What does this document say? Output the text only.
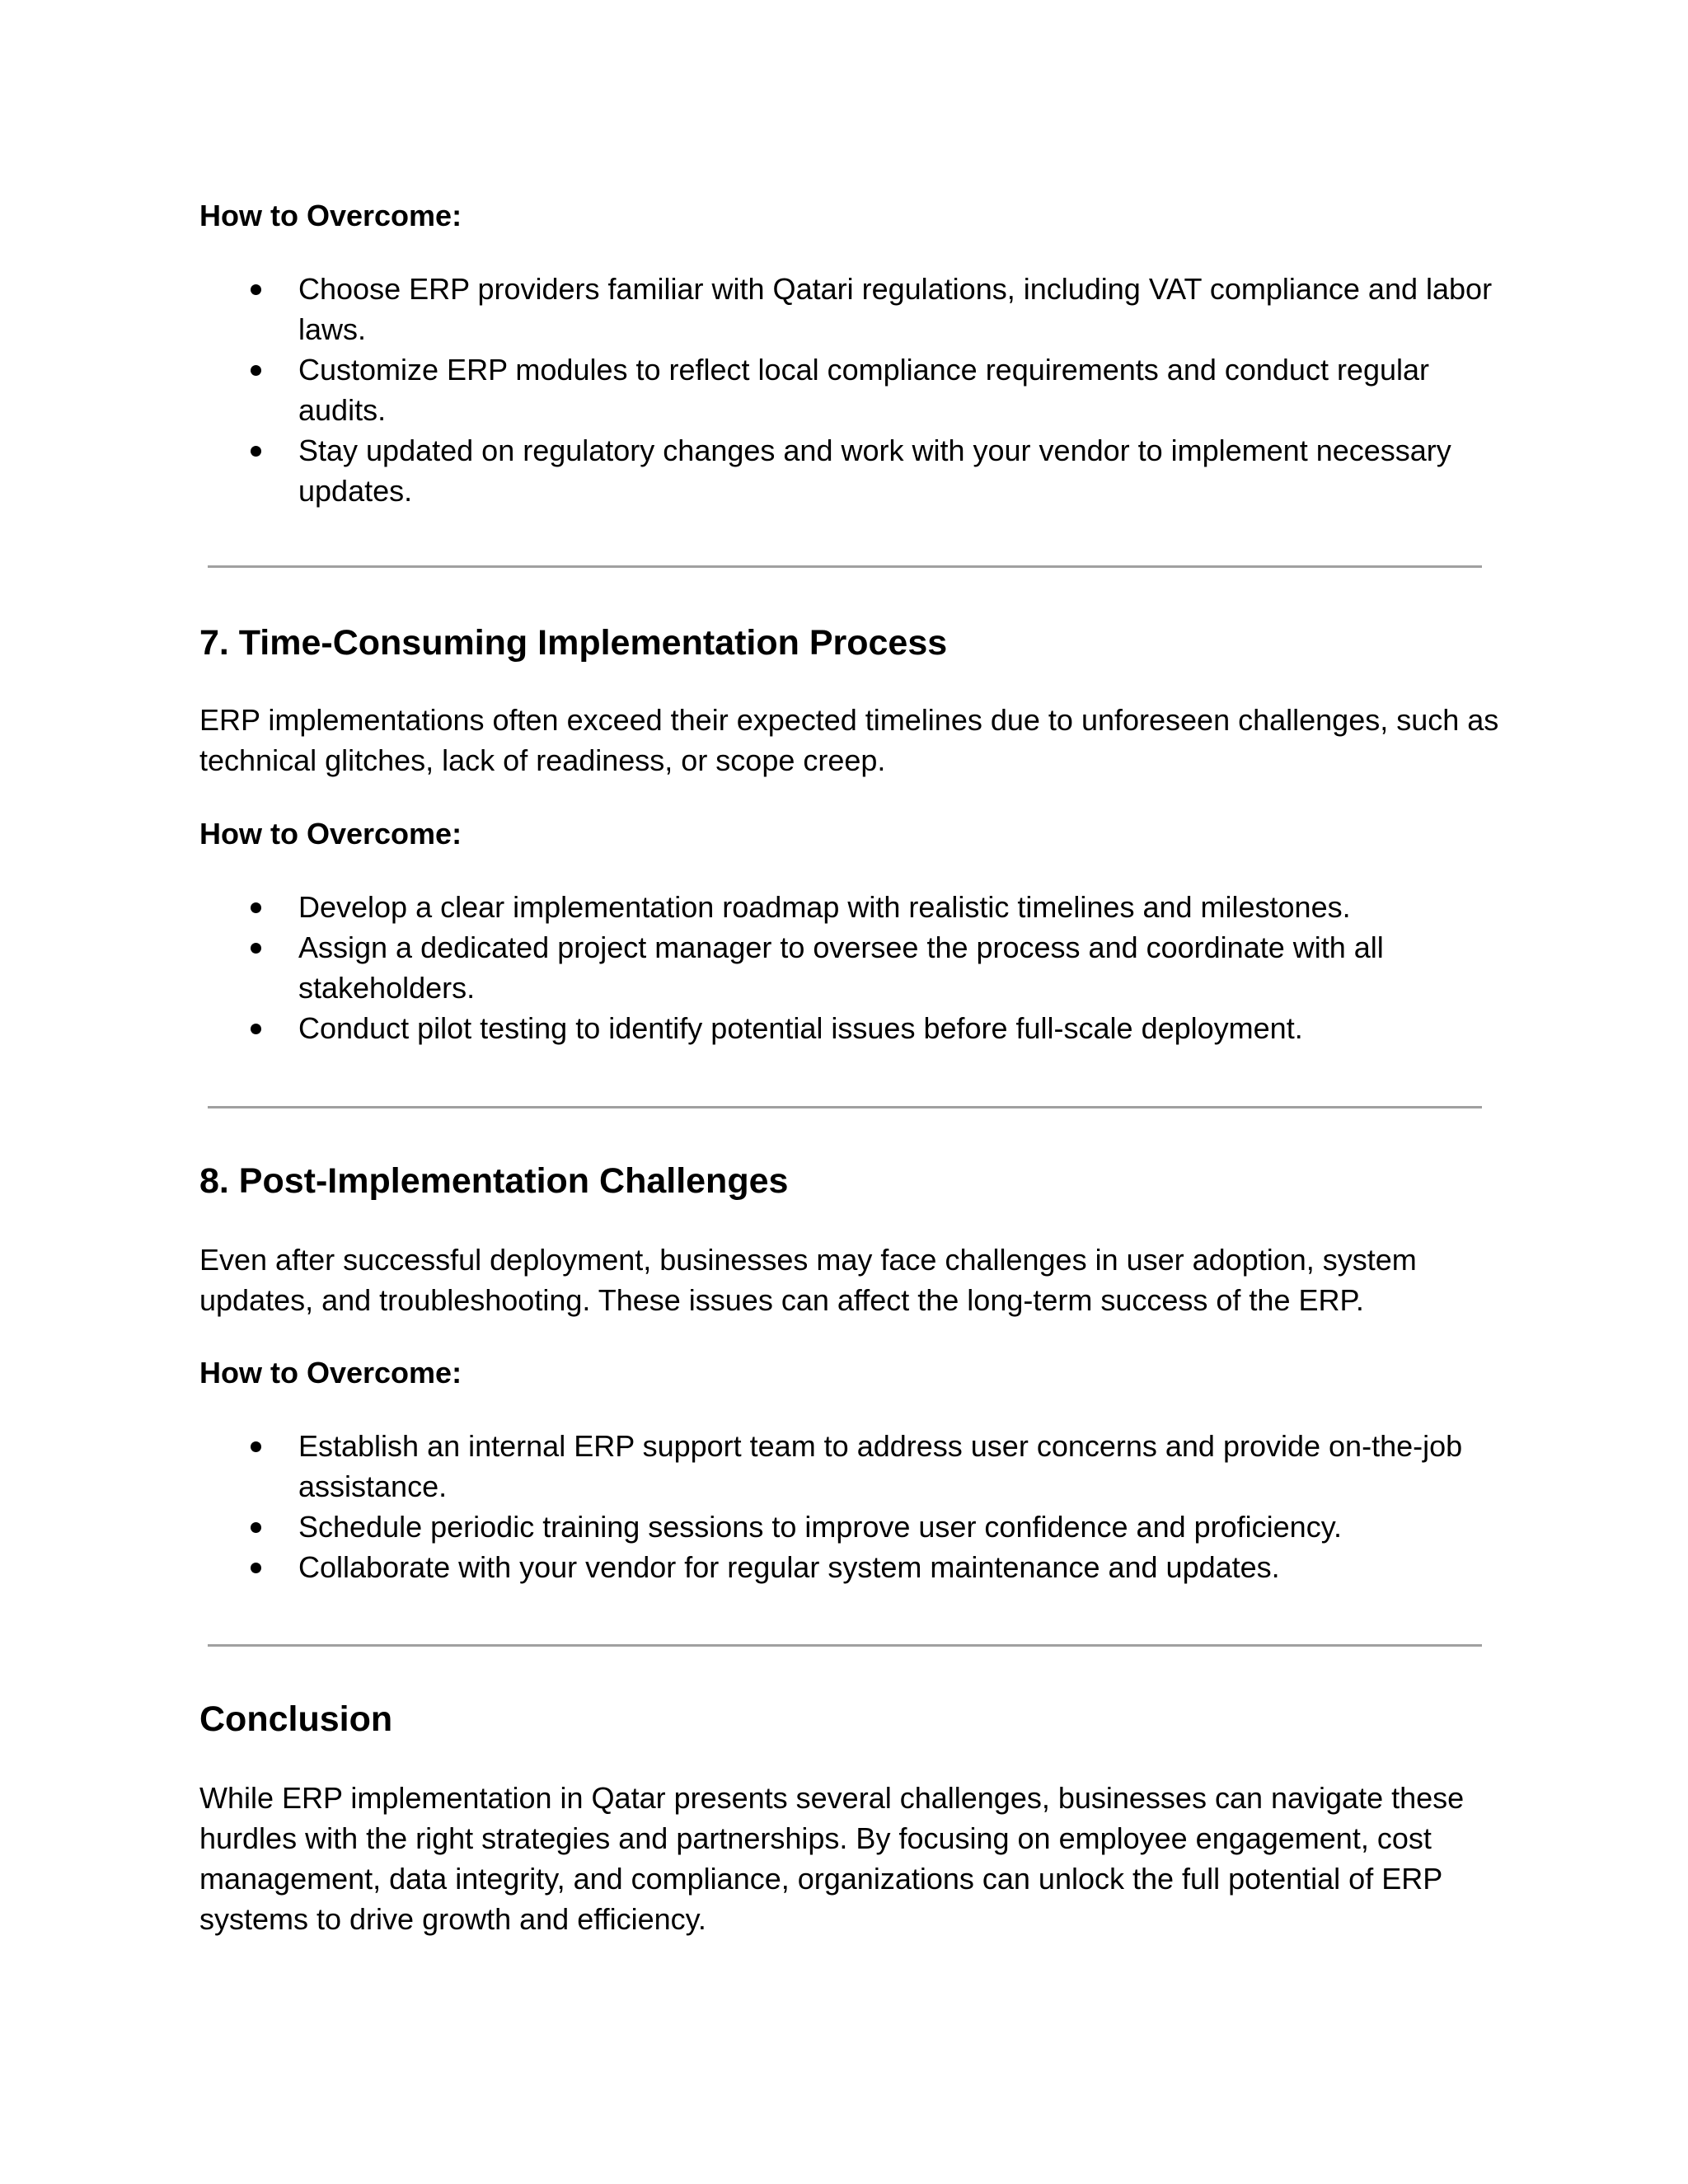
How to Overcome:

Choose ERP providers familiar with Qatari regulations, including VAT compliance and labor laws.
Customize ERP modules to reflect local compliance requirements and conduct regular audits.
Stay updated on regulatory changes and work with your vendor to implement necessary updates.
7. Time-Consuming Implementation Process

ERP implementations often exceed their expected timelines due to unforeseen challenges, such as technical glitches, lack of readiness, or scope creep.

How to Overcome:

Develop a clear implementation roadmap with realistic timelines and milestones.
Assign a dedicated project manager to oversee the process and coordinate with all stakeholders.
Conduct pilot testing to identify potential issues before full-scale deployment.
8. Post-Implementation Challenges

Even after successful deployment, businesses may face challenges in user adoption, system updates, and troubleshooting. These issues can affect the long-term success of the ERP.

How to Overcome:

Establish an internal ERP support team to address user concerns and provide on-the-job assistance.
Schedule periodic training sessions to improve user confidence and proficiency.
Collaborate with your vendor for regular system maintenance and updates.
Conclusion

While ERP implementation in Qatar presents several challenges, businesses can navigate these hurdles with the right strategies and partnerships. By focusing on employee engagement, cost management, data integrity, and compliance, organizations can unlock the full potential of ERP systems to drive growth and efficiency.
